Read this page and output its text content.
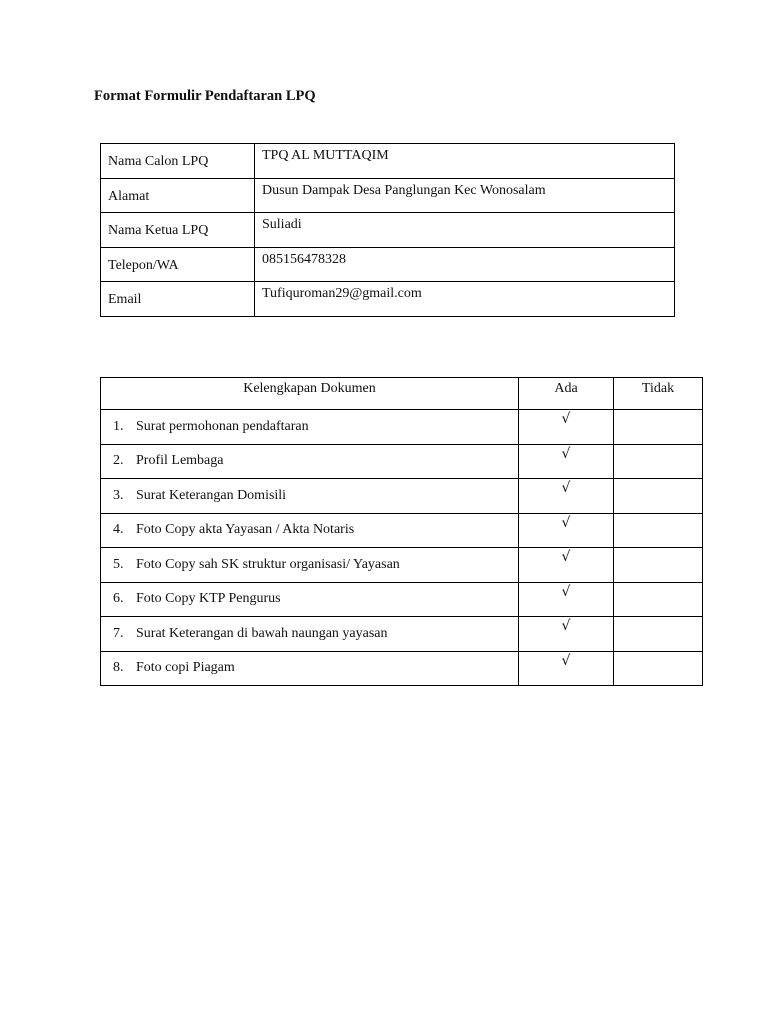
Format Formulir Pendaftaran LPQ
Nama Calon LPQ	TPQ AL MUTTAQIM
Alamat	Dusun Dampak Desa Panglungan Kec Wonosalam
Nama Ketua LPQ	Suliadi
Telepon/WA	085156478328
Email	Tufiquroman29@gmail.com
Kelengkapan Dokumen	Ada	Tidak
1. Surat permohonan pendaftaran	√	
2. Profil Lembaga	√	
3. Surat Keterangan Domisili	√	
4. Foto Copy akta Yayasan / Akta Notaris	√	
5. Foto Copy sah SK struktur organisasi/ Yayasan	√	
6. Foto Copy KTP Pengurus	√	
7. Surat Keterangan di bawah naungan yayasan	√	
8. Foto copi Piagam	√	
